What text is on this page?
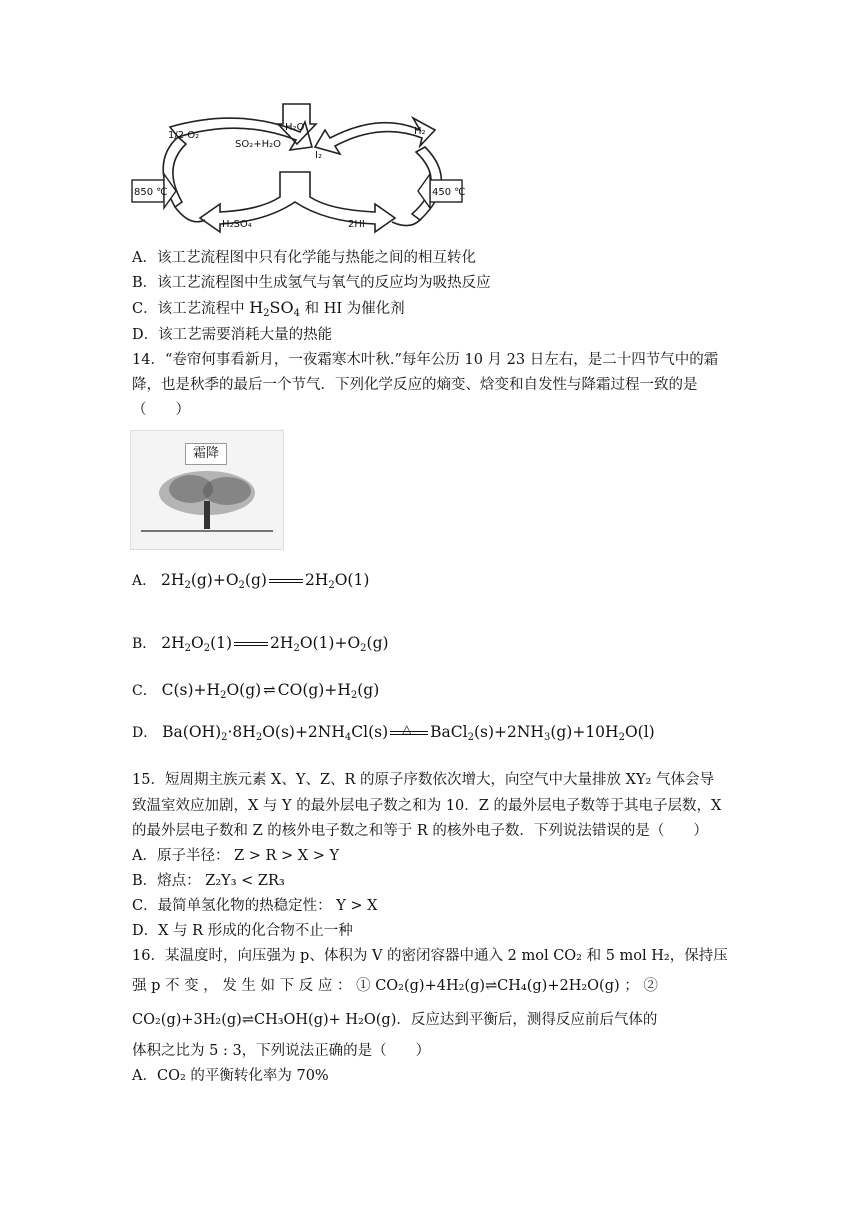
1/2 O₂
SO₂+H₂O
H₂O
I₂
H₂
850 ℃	450 ℃
H₂SO₄	2HI
A．该工艺流程图中只有化学能与热能之间的相互转化
B．该工艺流程图中生成氢气与氧气的反应均为吸热反应
C．该工艺流程中 $H_2SO_4$ 和 HI 为催化剂
D．该工艺需要消耗大量的热能
14．“卷帘何事看新月，一夜霜寒木叶秋.”每年公历 10 月 23 日左右，是二十四节气中的霜
降，也是秋季的最后一个节气．下列化学反应的熵变、焓变和自发性与降霜过程一致的是
（　　）
霜降
A． $2H_2(g)+O_2(g)$ $2H_2O(1)$
B． $2H_2O_2(1)$ $2H_2O(1)+O_2(g)$
C． $C(s)+H_2O(g)$ ⇌ $CO(g)+H_2(g)$
D． $Ba(OH)_2\cdot 8H_2O(s)+2NH_4Cl(s)$ △ $BaCl_2(s)+2NH_3(g)+10H_2O(l)$
15．短周期主族元素 X、Y、Z、R 的原子序数依次增大，向空气中大量排放 XY₂ 气体会导
致温室效应加剧，X 与 Y 的最外层电子数之和为 10．Z 的最外层电子数等于其电子层数，X
的最外层电子数和 Z 的核外电子数之和等于 R 的核外电子数．下列说法错误的是（　　）
A．原子半径： Z > R > X > Y
B．熔点： Z₂Y₃ < ZR₃
C．最简单氢化物的热稳定性： Y > X
D．X 与 R 形成的化合物不止一种
16．某温度时，向压强为 p、体积为 V 的密闭容器中通入 2 mol CO₂ 和 5 mol H₂，保持压
强 p 不 变 ， 发 生 如 下 反 应 ： ① CO₂(g)+4H₂(g)⇌CH₄(g)+2H₂O(g) ； ②
CO₂(g)+3H₂(g)⇌CH₃OH(g)+ H₂O(g)．反应达到平衡后，测得反应前后气体的
体积之比为 5 : 3，下列说法正确的是（　　）
A．CO₂ 的平衡转化率为 70%
